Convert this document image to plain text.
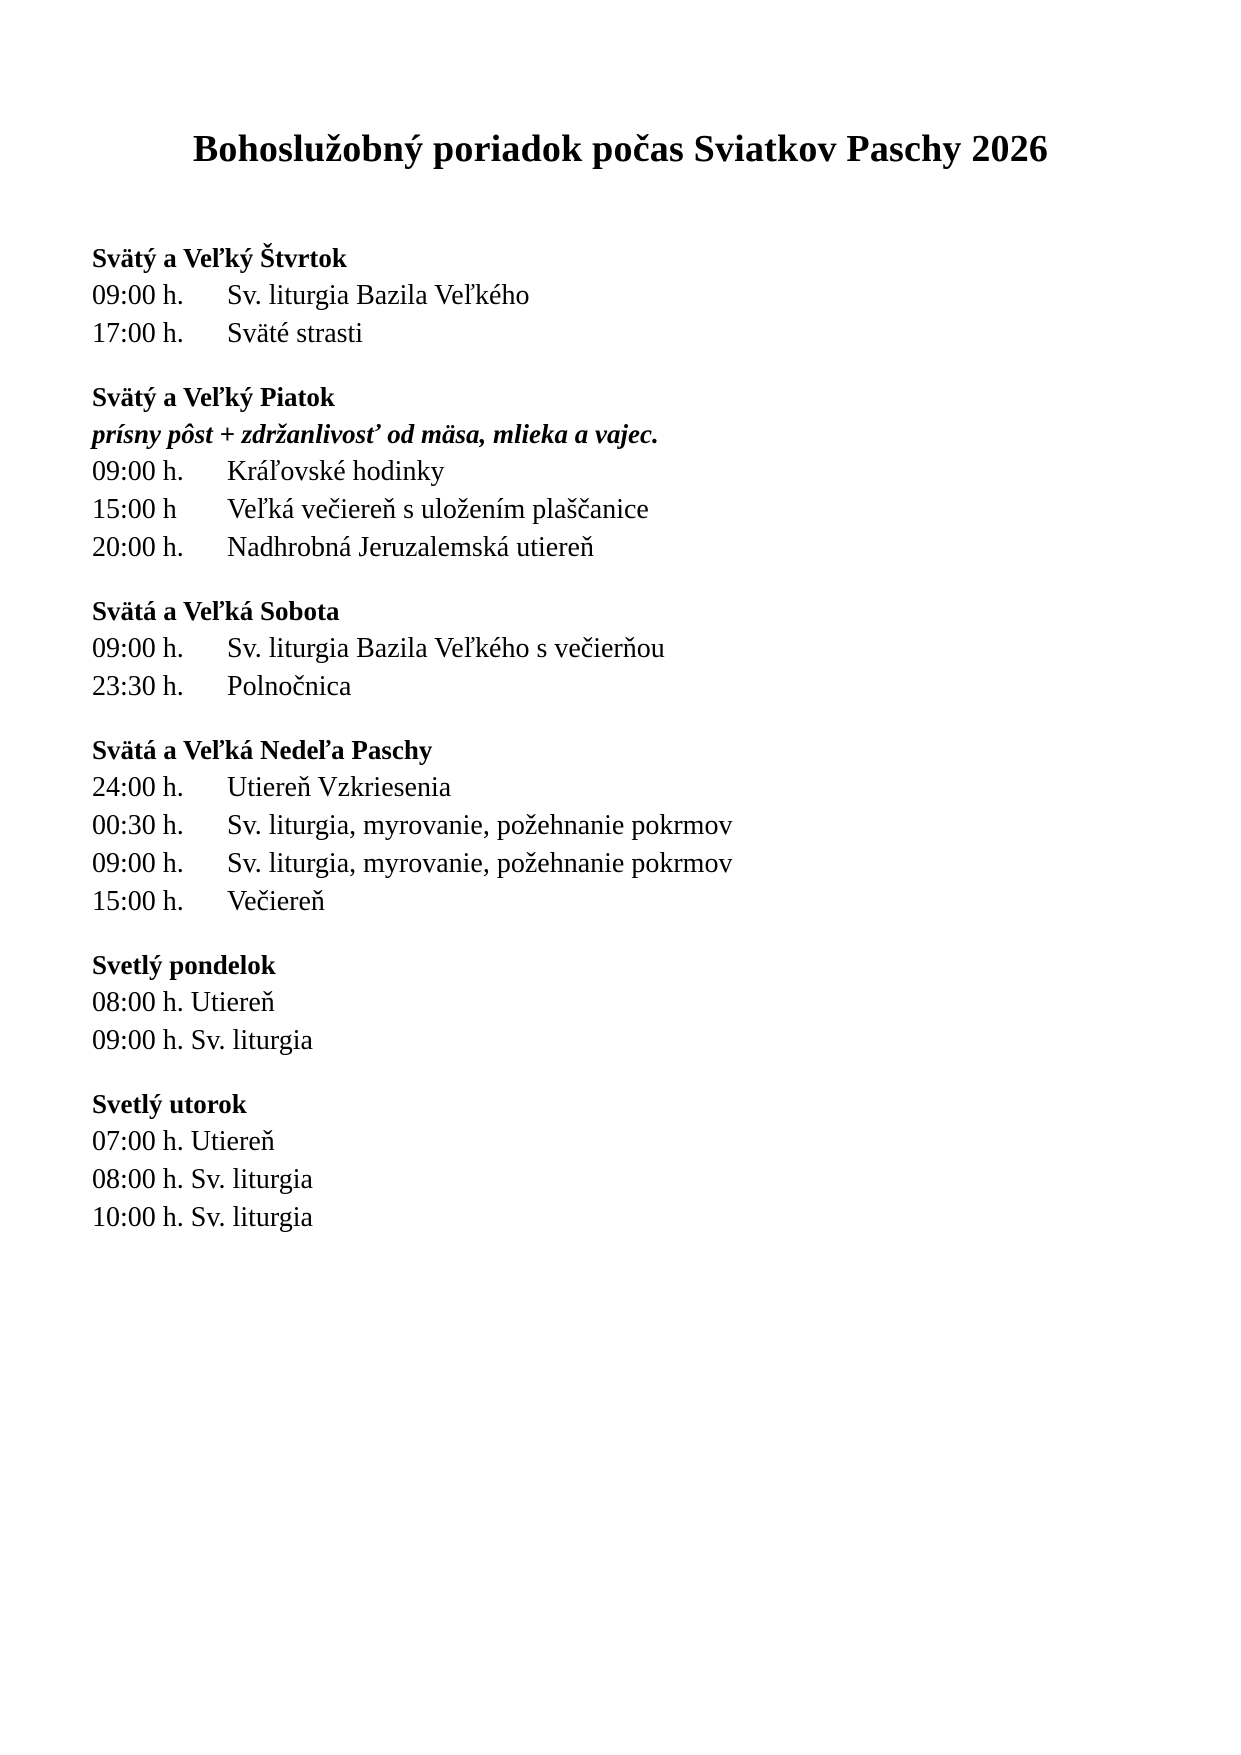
Bohoslužobný poriadok počas Sviatkov Paschy 2026
Svätý a Veľký Štvrtok
09:00 h. Sv. liturgia Bazila Veľkého
17:00 h. Sväté strasti
Svätý a Veľký Piatok
prísny pôst + zdržanlivosť od mäsa, mlieka a vajec.
09:00 h. Kráľovské hodinky
15:00 h Veľká večiereň s uložením plaščanice
20:00 h. Nadhrobná Jeruzalemská utiereň
Svätá a Veľká Sobota
09:00 h. Sv. liturgia Bazila Veľkého s večierňou
23:30 h. Polnočnica
Svätá a Veľká Nedeľa Paschy
24:00 h. Utiereň Vzkriesenia
00:30 h. Sv. liturgia, myrovanie, požehnanie pokrmov
09:00 h. Sv. liturgia, myrovanie, požehnanie pokrmov
15:00 h. Večiereň
Svetlý pondelok
08:00 h. Utiereň
09:00 h. Sv. liturgia
Svetlý utorok
07:00 h. Utiereň
08:00 h. Sv. liturgia
10:00 h. Sv. liturgia
